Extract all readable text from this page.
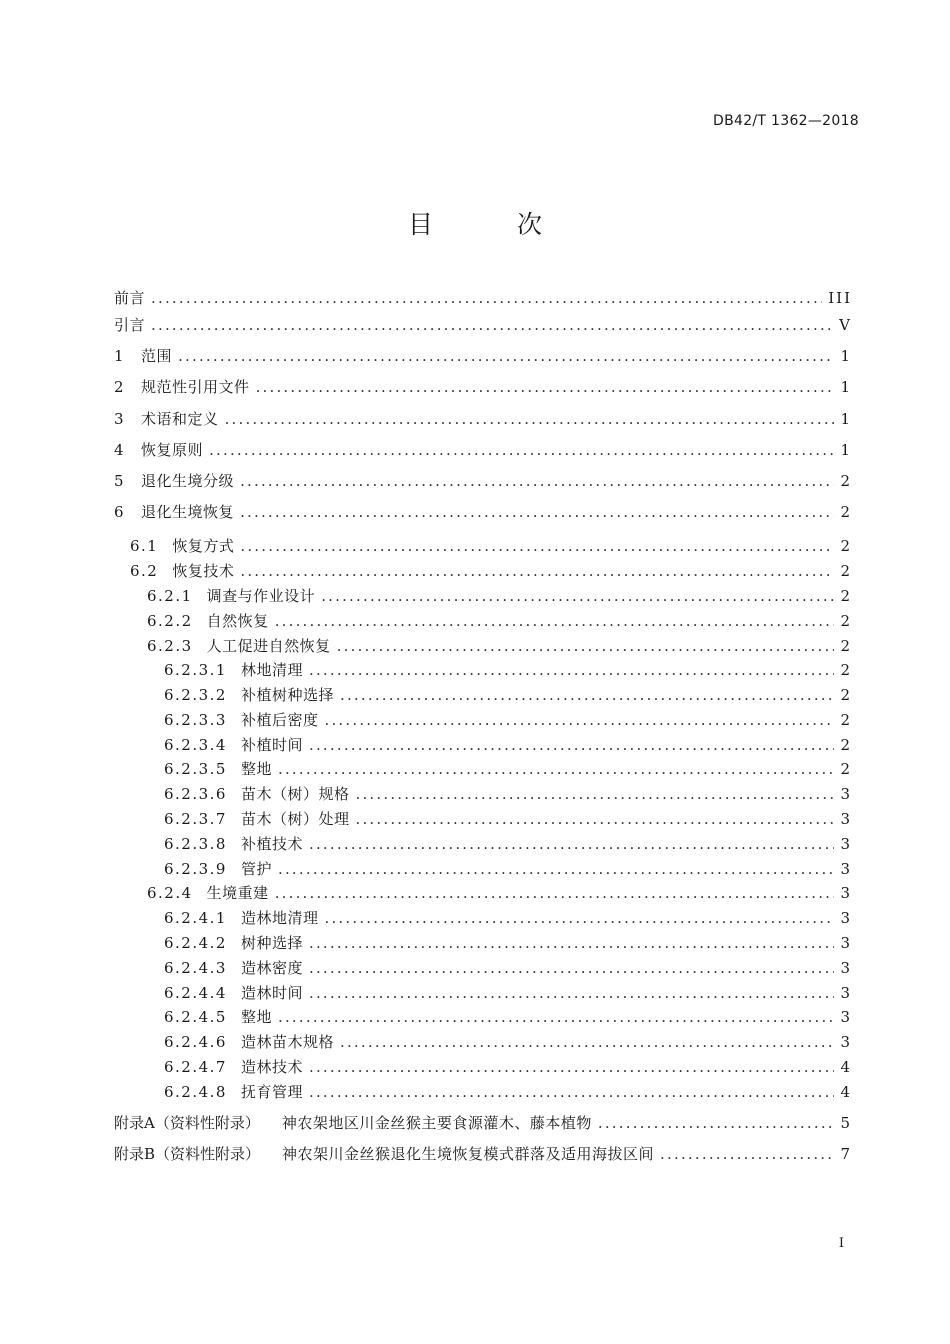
DB42/T 1362—2018
目 次
前言 .....	III
引言 .....	V
1 范围 .....	1
2 规范性引用文件 .....	1
3 术语和定义 .....	1
4 恢复原则 .....	1
5 退化生境分级 .....	2
6 退化生境恢复 .....	2
6.1 恢复方式 .....	2
6.2 恢复技术 .....	2
6.2.1 调查与作业设计 .....	2
6.2.2 自然恢复 .....	2
6.2.3 人工促进自然恢复 .....	2
6.2.3.1 林地清理 .....	2
6.2.3.2 补植树种选择 .....	2
6.2.3.3 补植后密度 .....	2
6.2.3.4 补植时间 .....	2
6.2.3.5 整地 .....	2
6.2.3.6 苗木（树）规格 .....	3
6.2.3.7 苗木（树）处理 .....	3
6.2.3.8 补植技术 .....	3
6.2.3.9 管护 .....	3
6.2.4 生境重建 .....	3
6.2.4.1 造林地清理 .....	3
6.2.4.2 树种选择 .....	3
6.2.4.3 造林密度 .....	3
6.2.4.4 造林时间 .....	3
6.2.4.5 整地 .....	3
6.2.4.6 造林苗木规格 .....	3
6.2.4.7 造林技术 .....	4
6.2.4.8 抚育管理 .....	4
附录A（资料性附录） 神农架地区川金丝猴主要食源灌木、藤本植物 .....	5
附录B（资料性附录） 神农架川金丝猴退化生境恢复模式群落及适用海拔区间 .....	7
I
